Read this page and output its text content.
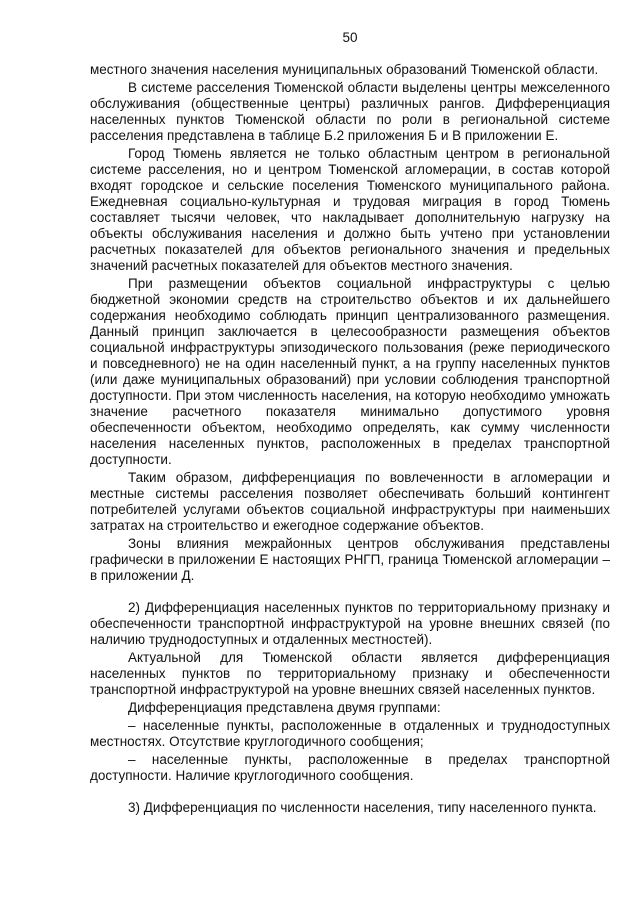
50

местного значения населения муниципальных образований Тюменской области.

В системе расселения Тюменской области выделены центры межселенного обслуживания (общественные центры) различных рангов. Дифференциация населенных пунктов Тюменской области по роли в региональной системе расселения представлена в таблице Б.2 приложения Б и В приложении Е.

Город Тюмень является не только областным центром в региональной системе расселения, но и центром Тюменской агломерации, в состав которой входят городское и сельские поселения Тюменского муниципального района. Ежедневная социально-культурная и трудовая миграция в город Тюмень составляет тысячи человек, что накладывает дополнительную нагрузку на объекты обслуживания населения и должно быть учтено при установлении расчетных показателей для объектов регионального значения и предельных значений расчетных показателей для объектов местного значения.

При размещении объектов социальной инфраструктуры с целью бюджетной экономии средств на строительство объектов и их дальнейшего содержания необходимо соблюдать принцип централизованного размещения. Данный принцип заключается в целесообразности размещения объектов социальной инфраструктуры эпизодического пользования (реже периодического и повседневного) не на один населенный пункт, а на группу населенных пунктов (или даже муниципальных образований) при условии соблюдения транспортной доступности. При этом численность населения, на которую необходимо умножать значение расчетного показателя минимально допустимого уровня обеспеченности объектом, необходимо определять, как сумму численности населения населенных пунктов, расположенных в пределах транспортной доступности.

Таким образом, дифференциация по вовлеченности в агломерации и местные системы расселения позволяет обеспечивать больший контингент потребителей услугами объектов социальной инфраструктуры при наименьших затратах на строительство и ежегодное содержание объектов.

Зоны влияния межрайонных центров обслуживания представлены графически в приложении Е настоящих РНГП, граница Тюменской агломерации – в приложении Д.

2) Дифференциация населенных пунктов по территориальному признаку и обеспеченности транспортной инфраструктурой на уровне внешних связей (по наличию труднодоступных и отдаленных местностей).

Актуальной для Тюменской области является дифференциация населенных пунктов по территориальному признаку и обеспеченности транспортной инфраструктурой на уровне внешних связей населенных пунктов.

Дифференциация представлена двумя группами:

– населенные пункты, расположенные в отдаленных и труднодоступных местностях. Отсутствие круглогодичного сообщения;

– населенные пункты, расположенные в пределах транспортной доступности. Наличие круглогодичного сообщения.

3) Дифференциация по численности населения, типу населенного пункта.
